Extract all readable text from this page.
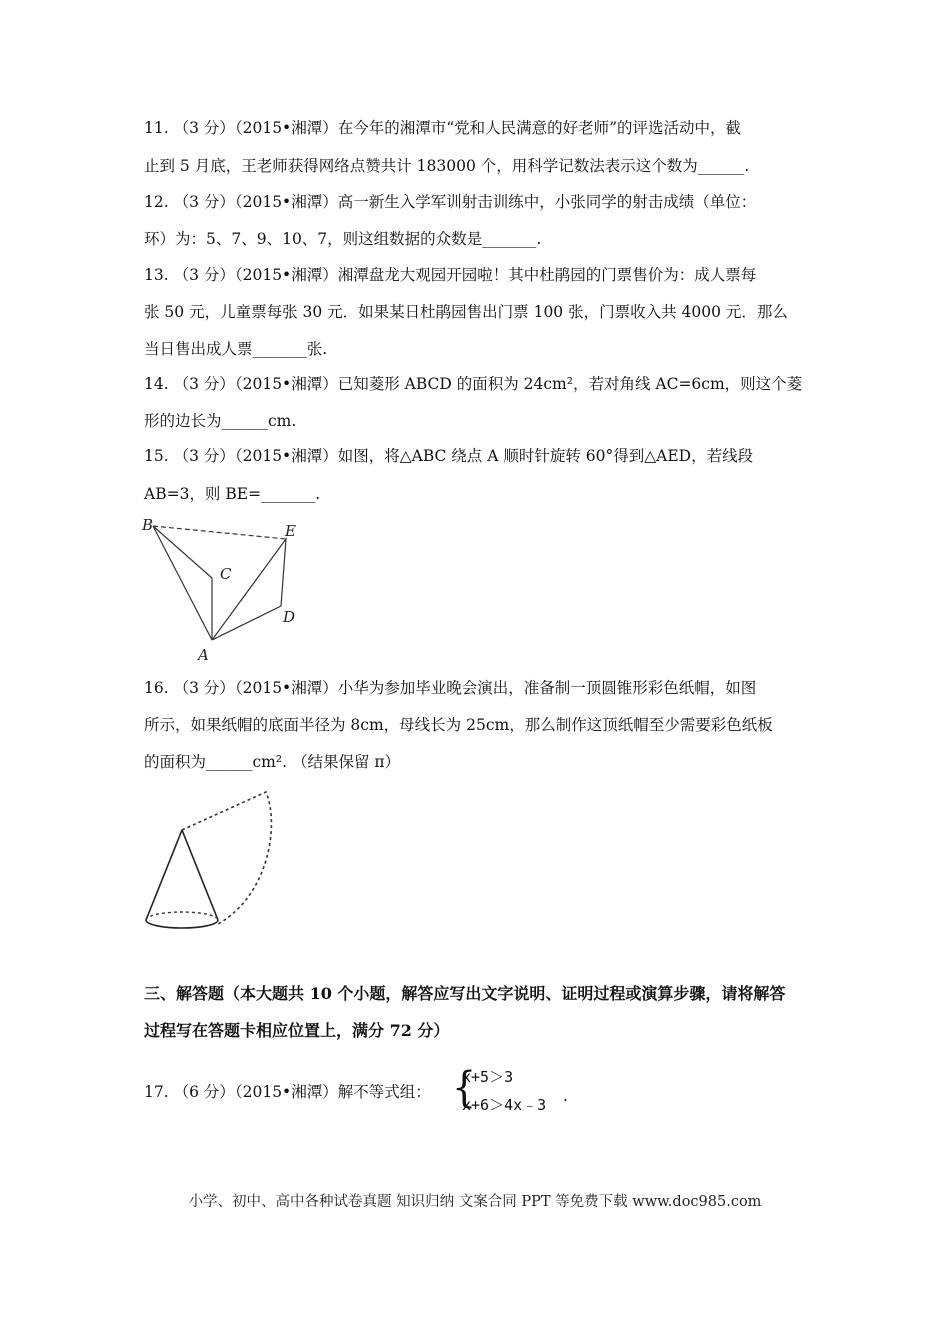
11. （3 分）（2015•湘潭）在今年的湘潭市“党和人民满意的好老师”的评选活动中，截
止到 5 月底，王老师获得网络点赞共计 183000 个，用科学记数法表示这个数为______.
12. （3 分）（2015•湘潭）高一新生入学军训射击训练中，小张同学的射击成绩（单位：
环）为：5、7、9、10、7，则这组数据的众数是_______.
13. （3 分）（2015•湘潭）湘潭盘龙大观园开园啦！其中杜鹃园的门票售价为：成人票每
张 50 元，儿童票每张 30 元．如果某日杜鹃园售出门票 100 张，门票收入共 4000 元．那么
当日售出成人票_______张.
14. （3 分）（2015•湘潭）已知菱形 ABCD 的面积为 24cm²，若对角线 AC=6cm，则这个菱
形的边长为______cm.
15. （3 分）（2015•湘潭）如图，将△ABC 绕点 A 顺时针旋转 60°得到△AED，若线段
AB=3，则 BE=_______.
B	E
C
D
A
16. （3 分）（2015•湘潭）小华为参加毕业晚会演出，准备制一顶圆锥形彩色纸帽，如图
所示，如果纸帽的底面半径为 8cm，母线长为 25cm，那么制作这顶纸帽至少需要彩色纸板
的面积为______cm². （结果保留 π）
三、解答题（本大题共 10 个小题，解答应写出文字说明、证明过程或演算步骤，请将解答
过程写在答题卡相应位置上，满分 72 分）
17. （6 分）（2015•湘潭）解不等式组： {
x+5＞3
x+6＞4x﹣3 .
小学、初中、高中各种试卷真题 知识归纳 文案合同 PPT 等免费下载 www.doc985.com
